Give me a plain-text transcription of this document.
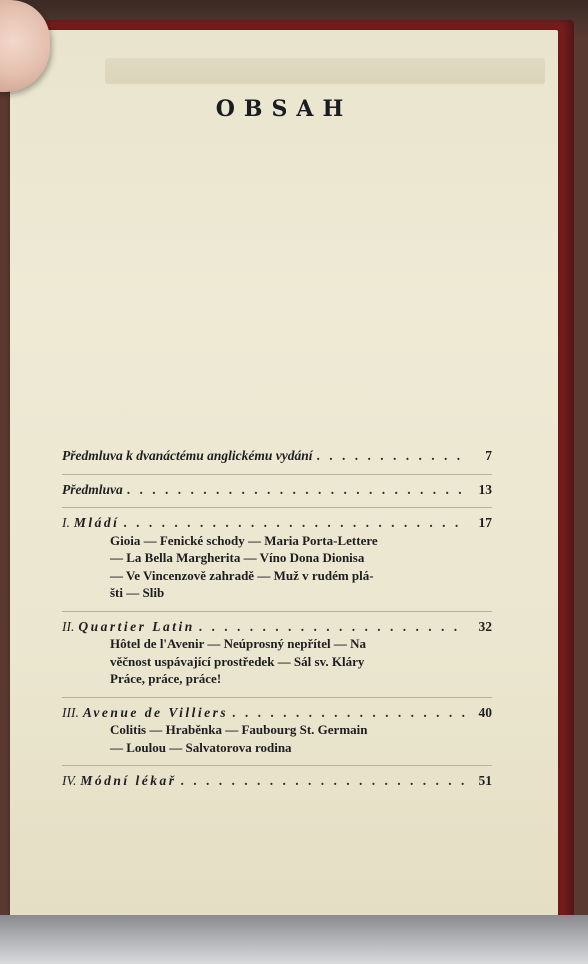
OBSAH
Předmluva k dvanáctému anglickému vydání . . .	7
Předmluva . . .	13
I. Mládí . . .	17
Gioia — Fenické schody — Maria Porta-Lettere
— La Bella Margherita — Víno Dona Dionisa
— Ve Vincenzově zahradě — Muž v rudém plá-
šti — Slib
II. Quartier Latin . . .	32
Hôtel de l'Avenir — Neúprosný nepřítel — Na
věčnost uspávající prostředek — Sál sv. Kláry
Práce, práce, práce!
III. Avenue de Villiers . . .	40
Colitis — Hraběnka — Faubourg St. Germain
— Loulou — Salvatorova rodina
IV. Módní lékař . . .	51
